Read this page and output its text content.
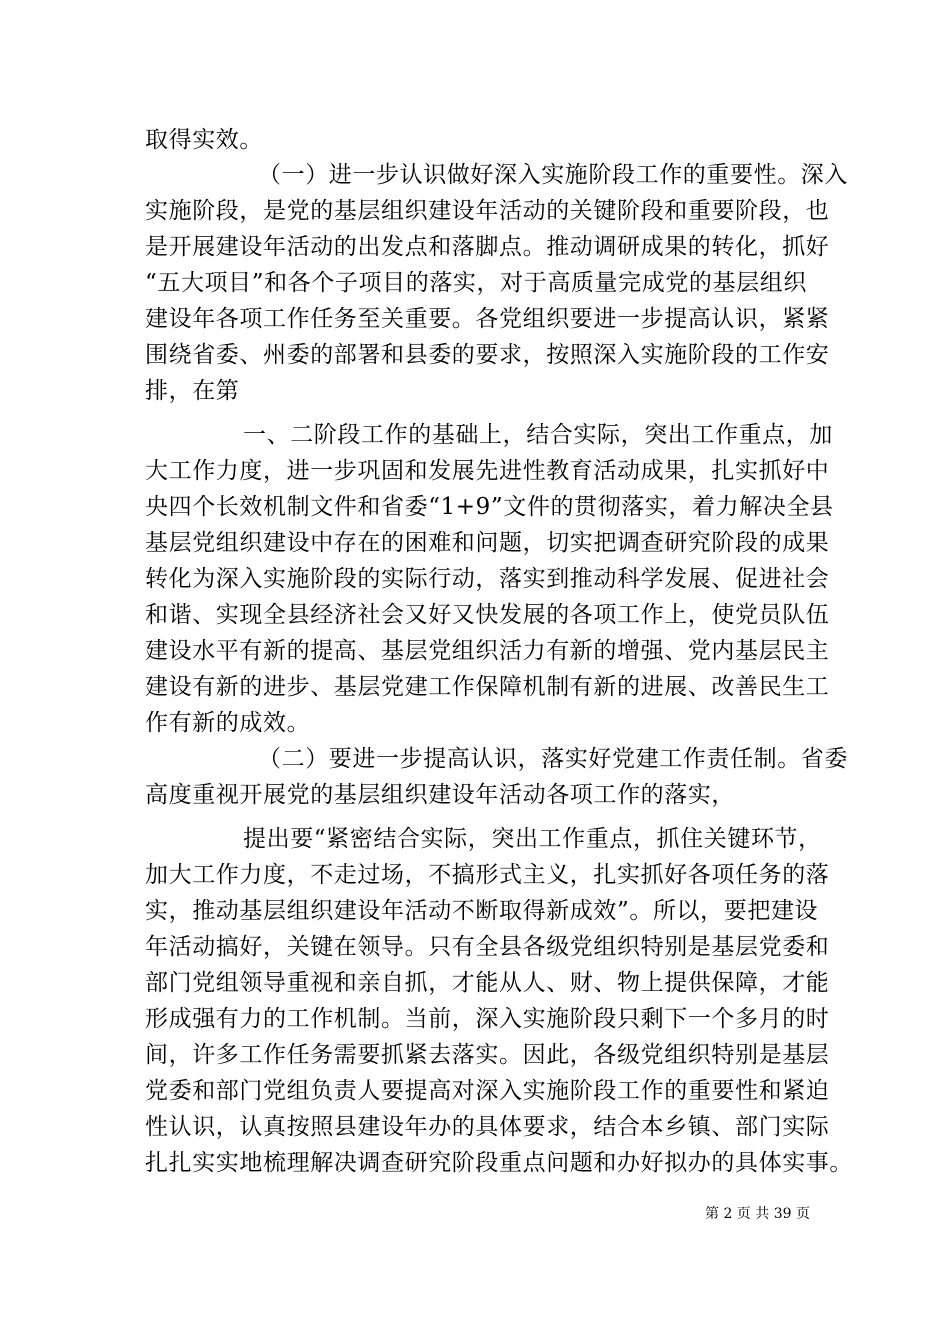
取得实效。
（一）进一步认识做好深入实施阶段工作的重要性。深入
实施阶段，是党的基层组织建设年活动的关键阶段和重要阶段，也
是开展建设年活动的出发点和落脚点。推动调研成果的转化，抓好
“五大项目”和各个子项目的落实，对于高质量完成党的基层组织
建设年各项工作任务至关重要。各党组织要进一步提高认识，紧紧
围绕省委、州委的部署和县委的要求，按照深入实施阶段的工作安
排，在第
一、二阶段工作的基础上，结合实际，突出工作重点，加
大工作力度，进一步巩固和发展先进性教育活动成果，扎实抓好中
央四个长效机制文件和省委“1+9”文件的贯彻落实，着力解决全县
基层党组织建设中存在的困难和问题，切实把调查研究阶段的成果
转化为深入实施阶段的实际行动，落实到推动科学发展、促进社会
和谐、实现全县经济社会又好又快发展的各项工作上，使党员队伍
建设水平有新的提高、基层党组织活力有新的增强、党内基层民主
建设有新的进步、基层党建工作保障机制有新的进展、改善民生工
作有新的成效。
（二）要进一步提高认识，落实好党建工作责任制。省委
高度重视开展党的基层组织建设年活动各项工作的落实，
提出要“紧密结合实际，突出工作重点，抓住关键环节，
加大工作力度，不走过场，不搞形式主义，扎实抓好各项任务的落
实，推动基层组织建设年活动不断取得新成效”。所以，要把建设
年活动搞好，关键在领导。只有全县各级党组织特别是基层党委和
部门党组领导重视和亲自抓，才能从人、财、物上提供保障，才能
形成强有力的工作机制。当前，深入实施阶段只剩下一个多月的时
间，许多工作任务需要抓紧去落实。因此，各级党组织特别是基层
党委和部门党组负责人要提高对深入实施阶段工作的重要性和紧迫
性认识，认真按照县建设年办的具体要求，结合本乡镇、部门实际
扎扎实实地梳理解决调查研究阶段重点问题和办好拟办的具体实事。
第 2 页 共 39 页
